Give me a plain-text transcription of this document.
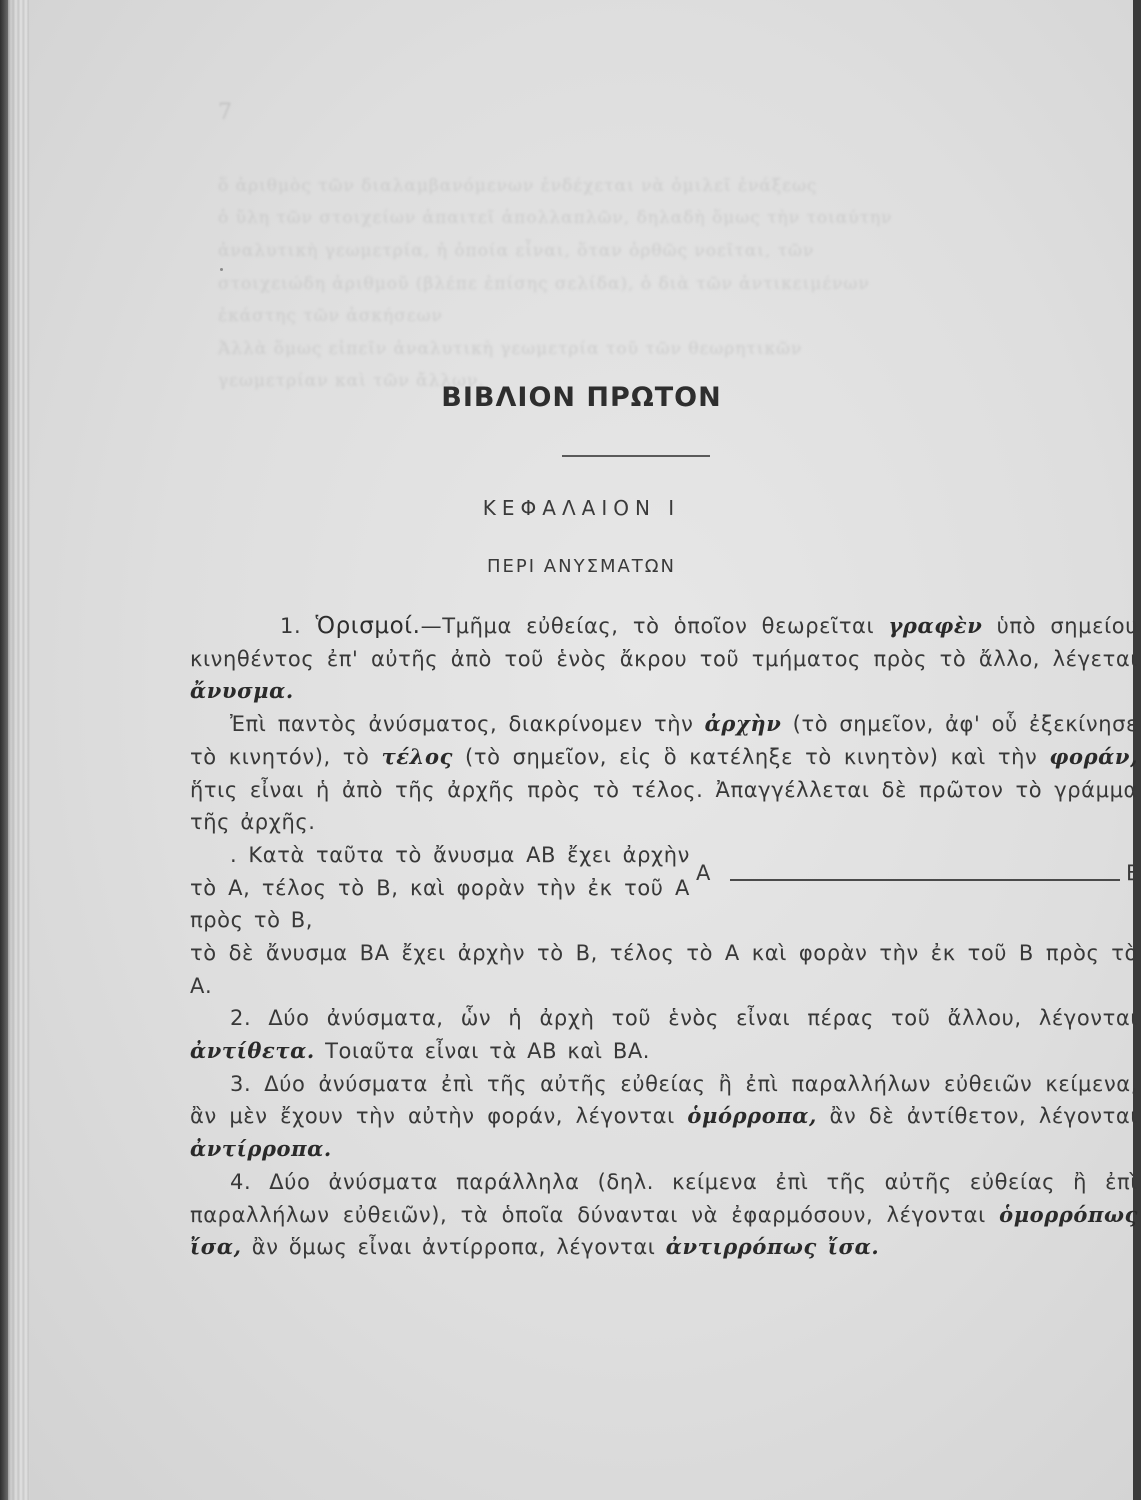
7
ὅ ἀριθμὸς τῶν διαλαμβανόμενων ἐνδέχεται νὰ ὁμιλεῖ ἐνάξεως
ὁ ὕλη τῶν στοιχείων ἀπαιτεῖ ἀπολλαπλῶν, δηλαδὴ ὅμως τὴν τοιαύτην
ἀναλυτικὴ γεωμετρία, ἡ ὁποία εἶναι, ὅταν ὀρθῶς νοεῖται, τῶν
στοιχειώδη ἀριθμοῦ (βλέπε ἐπίσης σελίδα), ὁ διὰ τῶν ἀντικειμένων
ἐκάστης τῶν ἀσκήσεων
Ἀλλὰ ὅμως εἰπεῖν ἀναλυτικὴ γεωμετρία τοῦ τῶν θεωρητικῶν
γεωμετρίαν καὶ τῶν ἄλλων.
ΒΙΒΛΙΟΝ ΠΡΩΤΟΝ
ΚΕΦΑΛΑΙΟΝ Ι
ΠΕΡΙ ΑΝΥΣΜΑΤΩΝ

1. Ὁρισμοί.—Τμῆμα εὐθείας, τὸ ὁποῖον θεωρεῖται γραφὲν ὑπὸ σημείου κινηθέντος ἐπ' αὐτῆς ἀπὸ τοῦ ἑνὸς ἄκρου τοῦ τμήματος πρὸς τὸ ἄλλο, λέγεται ἄνυσμα.

Ἐπὶ παντὸς ἀνύσματος, διακρίνομεν τὴν ἀρχὴν (τὸ σημεῖον, ἀφ' οὗ ἐξεκίνησε τὸ κινητόν), τὸ τέλος (τὸ σημεῖον, εἰς ὃ κατέληξε τὸ κινητὸν) καὶ τὴν φοράν, ἥτις εἶναι ἡ ἀπὸ τῆς ἀρχῆς πρὸς τὸ τέλος. Ἀπαγγέλλεται δὲ πρῶτον τὸ γράμμα τῆς ἀρχῆς.

. Κατὰ ταῦτα τὸ ἄνυσμα ΑΒ ἔχει ἀρχὴν τὸ Α, τέλος τὸ Β, καὶ φορὰν τὴν ἐκ τοῦ Α πρὸς τὸ Β,
Α	Β

τὸ δὲ ἄνυσμα ΒΑ ἔχει ἀρχὴν τὸ Β, τέλος τὸ Α καὶ φορὰν τὴν ἐκ τοῦ Β πρὸς τὸ Α.

2. Δύο ἀνύσματα, ὧν ἡ ἀρχὴ τοῦ ἑνὸς εἶναι πέρας τοῦ ἄλλου, λέγονται ἀντίθετα. Τοιαῦτα εἶναι τὰ ΑΒ καὶ ΒΑ.

3. Δύο ἀνύσματα ἐπὶ τῆς αὐτῆς εὐθείας ἢ ἐπὶ παραλλήλων εὐθειῶν κείμενα, ἂν μὲν ἔχουν τὴν αὐτὴν φοράν, λέγονται ὁμόρροπα, ἂν δὲ ἀντίθετον, λέγονται ἀντίρροπα.

4. Δύο ἀνύσματα παράλληλα (δηλ. κείμενα ἐπὶ τῆς αὐτῆς εὐθείας ἢ ἐπὶ παραλλήλων εὐθειῶν), τὰ ὁποῖα δύνανται νὰ ἐφαρμόσουν, λέγονται ὁμορρόπως ἴσα, ἂν ὅμως εἶναι ἀντίρροπα, λέγονται ἀντιρρόπως ἴσα.
